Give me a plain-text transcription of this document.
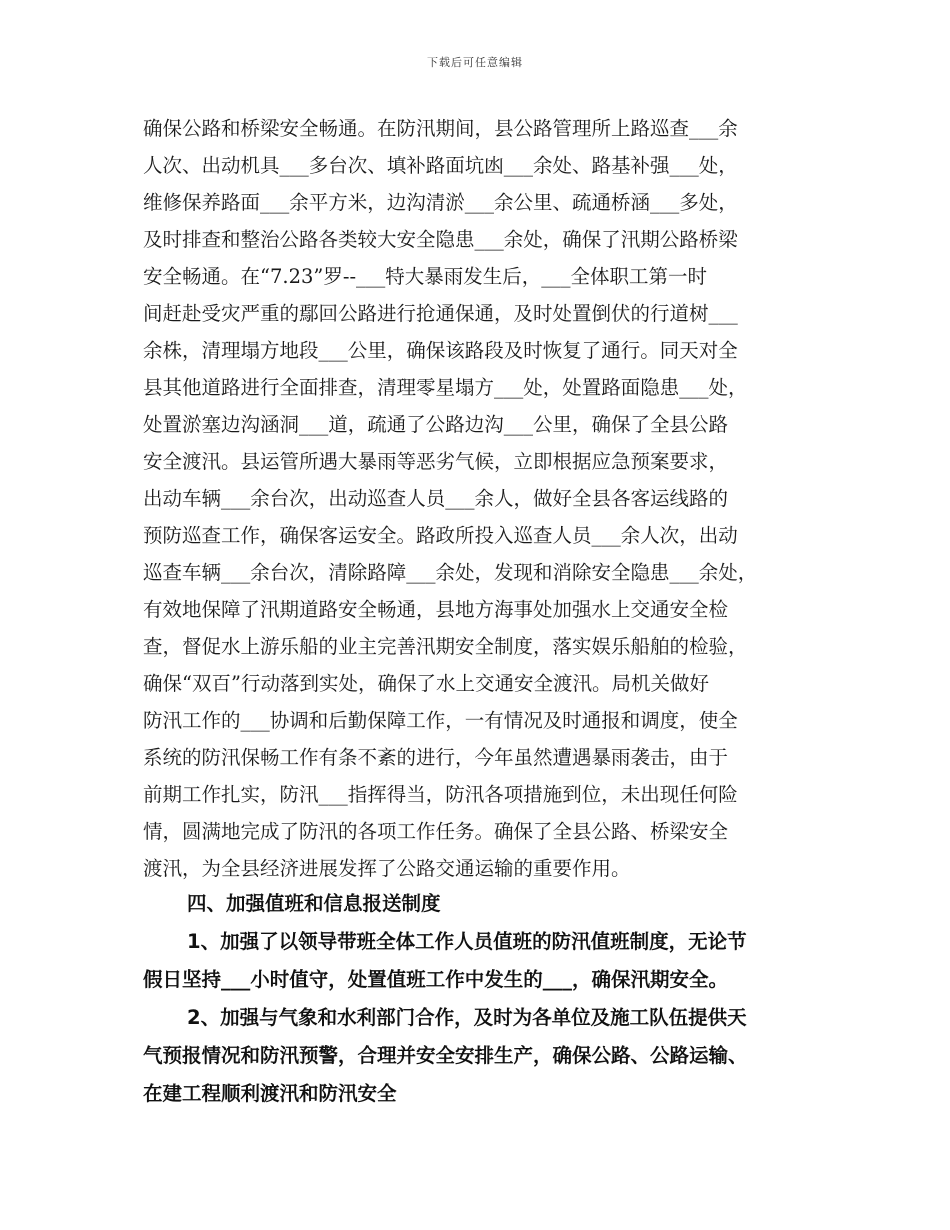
下载后可任意编辑
确保公路和桥梁安全畅通。在防汛期间，县公路管理所上路巡查___余
人次、出动机具___多台次、填补路面坑凼___余处、路基补强___处，
维修保养路面___余平方米，边沟清淤___余公里、疏通桥涵___多处，
及时排查和整治公路各类较大安全隐患___余处，确保了汛期公路桥梁
安全畅通。在“7.23”罗--___特大暴雨发生后，___全体职工第一时
间赶赴受灾严重的鄢回公路进行抢通保通，及时处置倒伏的行道树___
余株，清理塌方地段___公里，确保该路段及时恢复了通行。同天对全
县其他道路进行全面排查，清理零星塌方___处，处置路面隐患___处，
处置淤塞边沟涵洞___道，疏通了公路边沟___公里，确保了全县公路
安全渡汛。县运管所遇大暴雨等恶劣气候，立即根据应急预案要求，
出动车辆___余台次，出动巡查人员___余人，做好全县各客运线路的
预防巡查工作，确保客运安全。路政所投入巡查人员___余人次，出动
巡查车辆___余台次，清除路障___余处，发现和消除安全隐患___余处，
有效地保障了汛期道路安全畅通，县地方海事处加强水上交通安全检
查，督促水上游乐船的业主完善汛期安全制度，落实娱乐船舶的检验，
确保“双百”行动落到实处，确保了水上交通安全渡汛。局机关做好
防汛工作的___协调和后勤保障工作，一有情况及时通报和调度，使全
系统的防汛保畅工作有条不紊的进行，今年虽然遭遇暴雨袭击，由于
前期工作扎实，防汛___指挥得当，防汛各项措施到位，未出现任何险
情，圆满地完成了防汛的各项工作任务。确保了全县公路、桥梁安全
渡汛，为全县经济进展发挥了公路交通运输的重要作用。
四、加强值班和信息报送制度
1、加强了以领导带班全体工作人员值班的防汛值班制度，无论节
假日坚持___小时值守，处置值班工作中发生的___，确保汛期安全。
2、加强与气象和水利部门合作，及时为各单位及施工队伍提供天
气预报情况和防汛预警，合理并安全安排生产，确保公路、公路运输、
在建工程顺利渡汛和防汛安全
